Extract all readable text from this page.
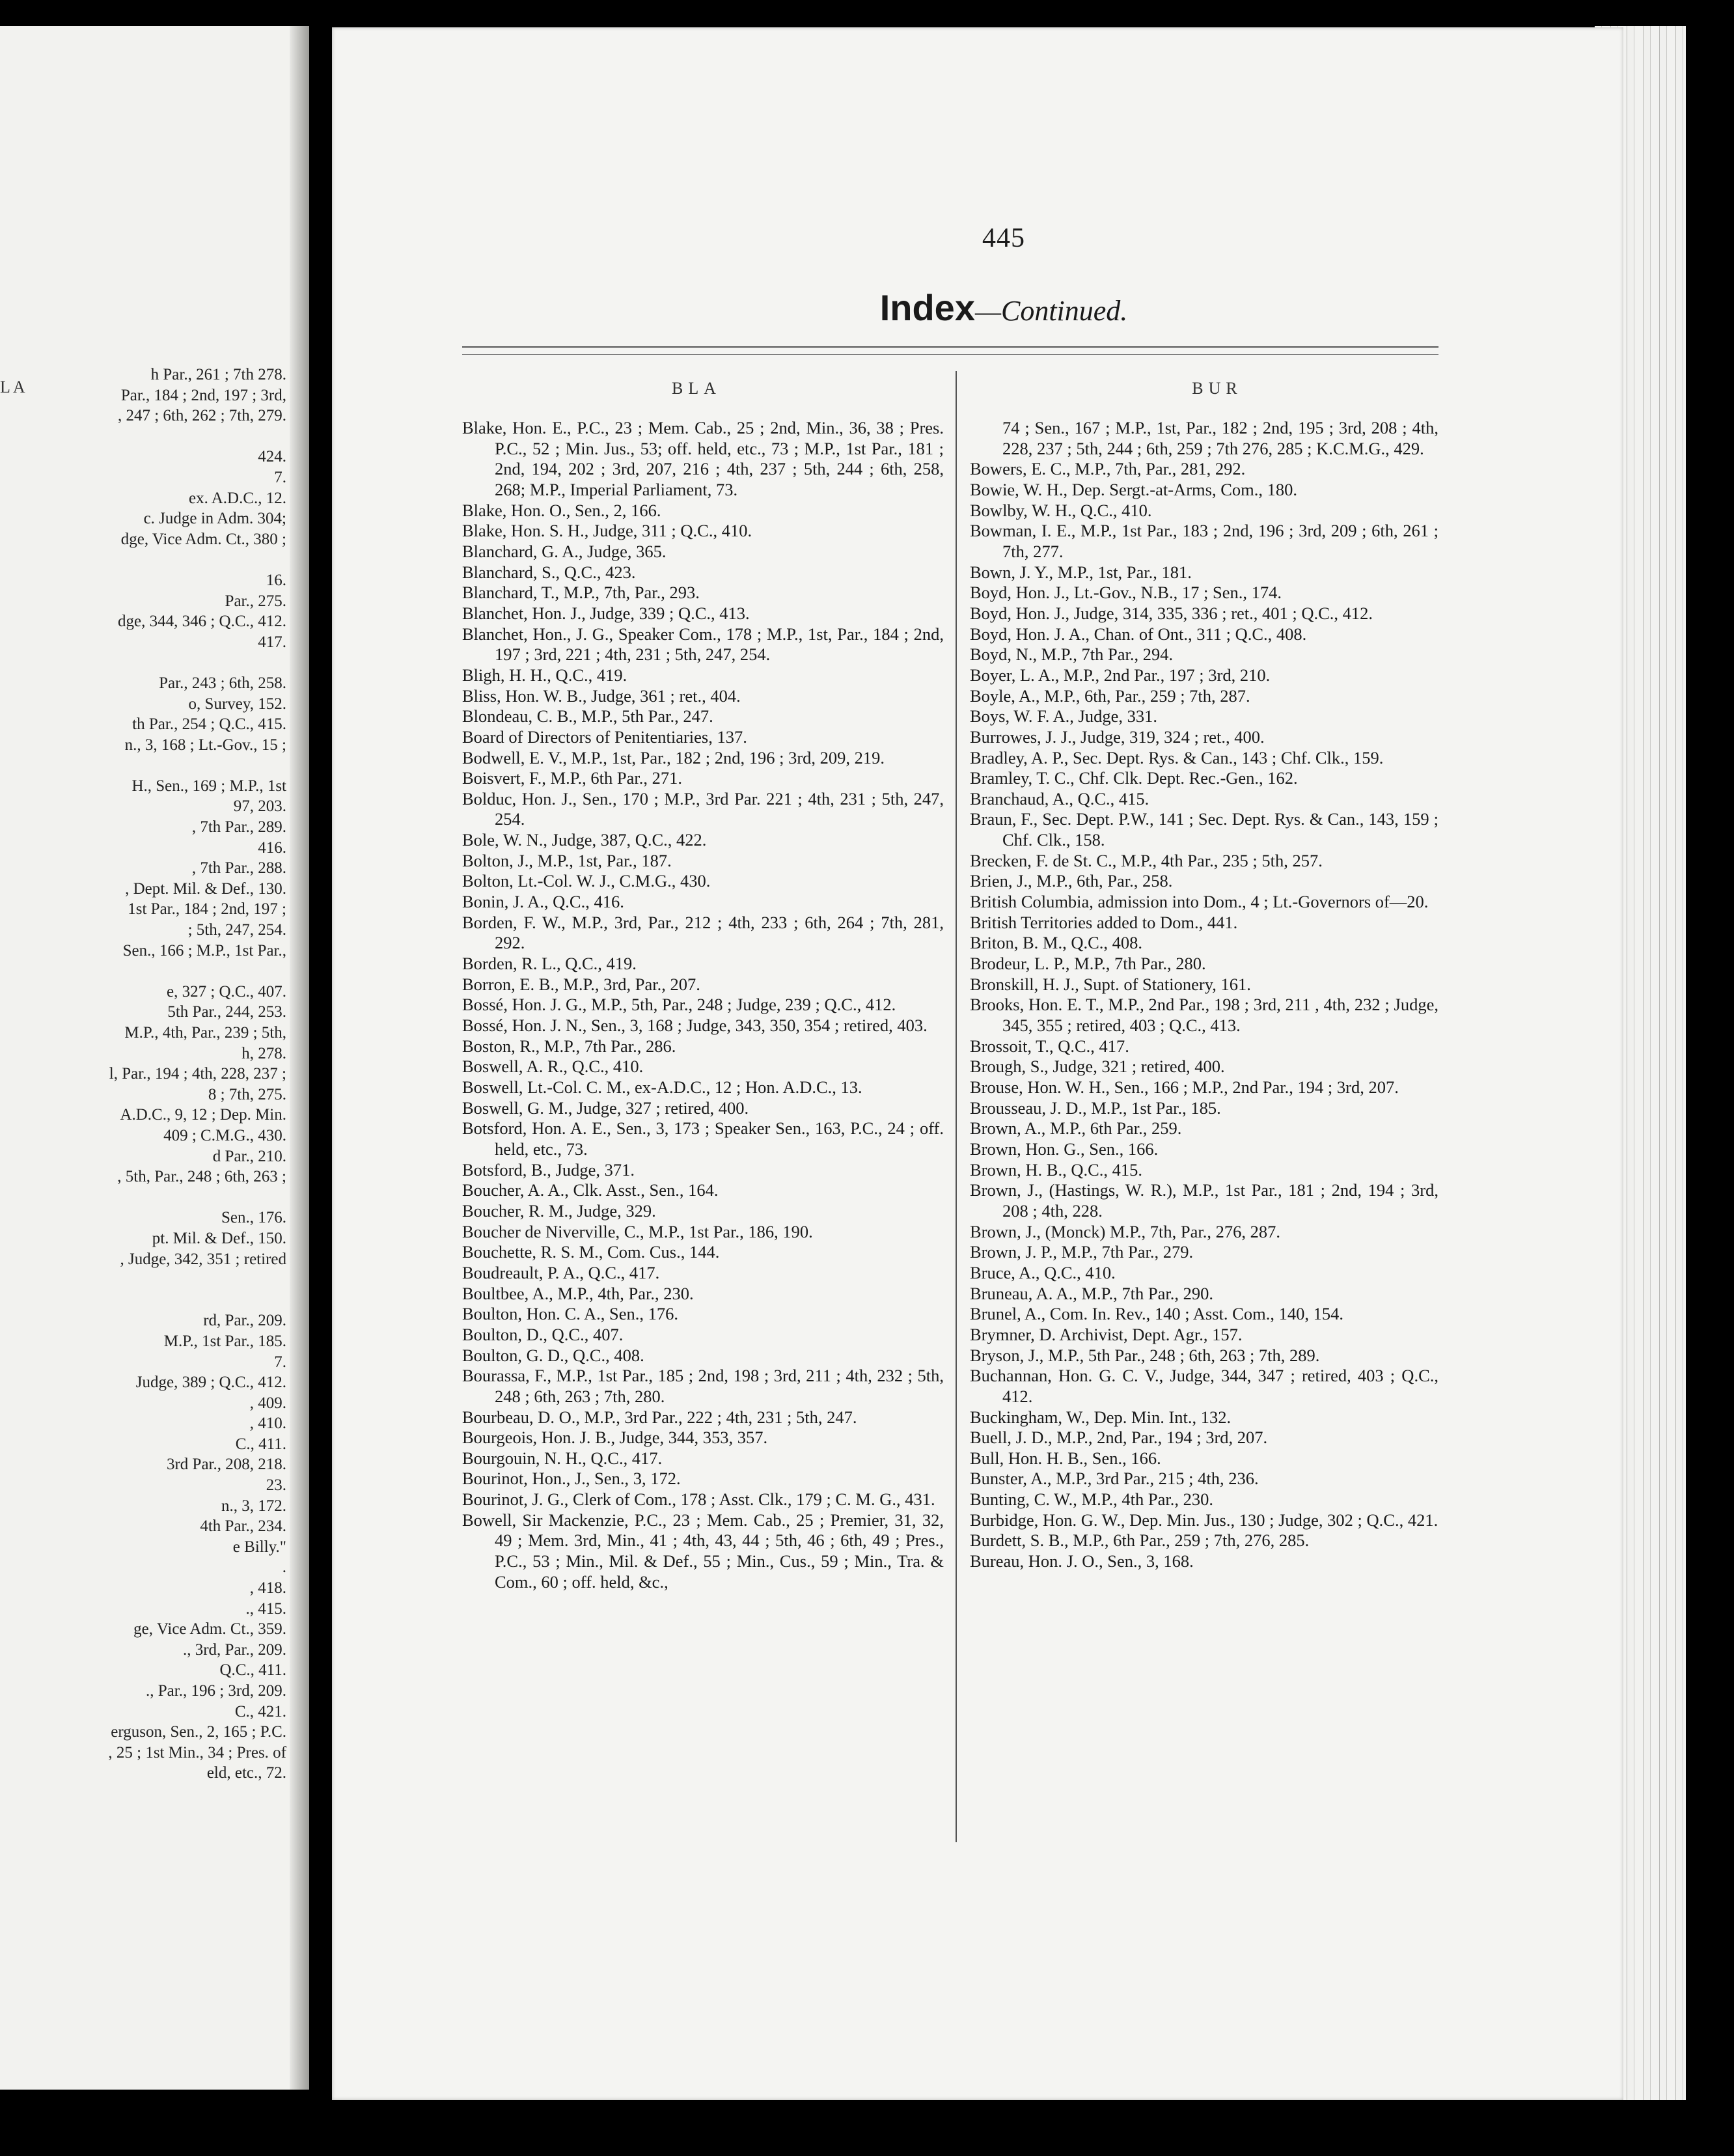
LA
h Par., 261 ; 7th 278.
Par., 184 ; 2nd, 197 ; 3rd,
, 247 ; 6th, 262 ; 7th, 279.

424.
7.
ex. A.D.C., 12.
c. Judge in Adm. 304;
dge, Vice Adm. Ct., 380 ;

16.
Par., 275.
dge, 344, 346 ; Q.C., 412.
417.

Par., 243 ; 6th, 258.
o, Survey, 152.
th Par., 254 ; Q.C., 415.
n., 3, 168 ; Lt.-Gov., 15 ;

H., Sen., 169 ; M.P., 1st
97, 203.
, 7th Par., 289.
416.
, 7th Par., 288.
, Dept. Mil. & Def., 130.
1st Par., 184 ; 2nd, 197 ;
; 5th, 247, 254.
Sen., 166 ; M.P., 1st Par.,

e, 327 ; Q.C., 407.
5th Par., 244, 253.
M.P., 4th, Par., 239 ; 5th,
h, 278.
l, Par., 194 ; 4th, 228, 237 ;
8 ; 7th, 275.
A.D.C., 9, 12 ; Dep. Min.
409 ; C.M.G., 430.
d Par., 210.
, 5th, Par., 248 ; 6th, 263 ;

Sen., 176.
pt. Mil. & Def., 150.
, Judge, 342, 351 ; retired

rd, Par., 209.
M.P., 1st Par., 185.
7.
Judge, 389 ; Q.C., 412.
, 409.
, 410.
C., 411.
3rd Par., 208, 218.
23.
n., 3, 172.
4th Par., 234.
e Billy."
.
, 418.
., 415.
ge, Vice Adm. Ct., 359.
., 3rd, Par., 209.
Q.C., 411.
., Par., 196 ; 3rd, 209.
C., 421.
erguson, Sen., 2, 165 ; P.C.
, 25 ; 1st Min., 34 ; Pres. of
eld, etc., 72.
445
Index—Continued.
BLA	BUR
Blake, Hon. E., P.C., 23 ; Mem. Cab., 25 ; 2nd, Min., 36, 38 ; Pres. P.C., 52 ; Min. Jus., 53; off. held, etc., 73 ; M.P., 1st Par., 181 ; 2nd, 194, 202 ; 3rd, 207, 216 ; 4th, 237 ; 5th, 244 ; 6th, 258, 268; M.P., Imperial Parliament, 73.
Blake, Hon. O., Sen., 2, 166.
Blake, Hon. S. H., Judge, 311 ; Q.C., 410.
Blanchard, G. A., Judge, 365.
Blanchard, S., Q.C., 423.
Blanchard, T., M.P., 7th, Par., 293.
Blanchet, Hon. J., Judge, 339 ; Q.C., 413.
Blanchet, Hon., J. G., Speaker Com., 178 ; M.P., 1st, Par., 184 ; 2nd, 197 ; 3rd, 221 ; 4th, 231 ; 5th, 247, 254.
Bligh, H. H., Q.C., 419.
Bliss, Hon. W. B., Judge, 361 ; ret., 404.
Blondeau, C. B., M.P., 5th Par., 247.
Board of Directors of Penitentiaries, 137.
Bodwell, E. V., M.P., 1st, Par., 182 ; 2nd, 196 ; 3rd, 209, 219.
Boisvert, F., M.P., 6th Par., 271.
Bolduc, Hon. J., Sen., 170 ; M.P., 3rd Par. 221 ; 4th, 231 ; 5th, 247, 254.
Bole, W. N., Judge, 387, Q.C., 422.
Bolton, J., M.P., 1st, Par., 187.
Bolton, Lt.-Col. W. J., C.M.G., 430.
Bonin, J. A., Q.C., 416.
Borden, F. W., M.P., 3rd, Par., 212 ; 4th, 233 ; 6th, 264 ; 7th, 281, 292.
Borden, R. L., Q.C., 419.
Borron, E. B., M.P., 3rd, Par., 207.
Bossé, Hon. J. G., M.P., 5th, Par., 248 ; Judge, 239 ; Q.C., 412.
Bossé, Hon. J. N., Sen., 3, 168 ; Judge, 343, 350, 354 ; retired, 403.
Boston, R., M.P., 7th Par., 286.
Boswell, A. R., Q.C., 410.
Boswell, Lt.-Col. C. M., ex-A.D.C., 12 ; Hon. A.D.C., 13.
Boswell, G. M., Judge, 327 ; retired, 400.
Botsford, Hon. A. E., Sen., 3, 173 ; Speaker Sen., 163, P.C., 24 ; off. held, etc., 73.
Botsford, B., Judge, 371.
Boucher, A. A., Clk. Asst., Sen., 164.
Boucher, R. M., Judge, 329.
Boucher de Niverville, C., M.P., 1st Par., 186, 190.
Bouchette, R. S. M., Com. Cus., 144.
Boudreault, P. A., Q.C., 417.
Boultbee, A., M.P., 4th, Par., 230.
Boulton, Hon. C. A., Sen., 176.
Boulton, D., Q.C., 407.
Boulton, G. D., Q.C., 408.
Bourassa, F., M.P., 1st Par., 185 ; 2nd, 198 ; 3rd, 211 ; 4th, 232 ; 5th, 248 ; 6th, 263 ; 7th, 280.
Bourbeau, D. O., M.P., 3rd Par., 222 ; 4th, 231 ; 5th, 247.
Bourgeois, Hon. J. B., Judge, 344, 353, 357.
Bourgouin, N. H., Q.C., 417.
Bourinot, Hon., J., Sen., 3, 172.
Bourinot, J. G., Clerk of Com., 178 ; Asst. Clk., 179 ; C. M. G., 431.
Bowell, Sir Mackenzie, P.C., 23 ; Mem. Cab., 25 ; Premier, 31, 32, 49 ; Mem. 3rd, Min., 41 ; 4th, 43, 44 ; 5th, 46 ; 6th, 49 ; Pres., P.C., 53 ; Min., Mil. & Def., 55 ; Min., Cus., 59 ; Min., Tra. & Com., 60 ; off. held, &c.,
74 ; Sen., 167 ; M.P., 1st, Par., 182 ; 2nd, 195 ; 3rd, 208 ; 4th, 228, 237 ; 5th, 244 ; 6th, 259 ; 7th 276, 285 ; K.C.M.G., 429.
Bowers, E. C., M.P., 7th, Par., 281, 292.
Bowie, W. H., Dep. Sergt.-at-Arms, Com., 180.
Bowlby, W. H., Q.C., 410.
Bowman, I. E., M.P., 1st Par., 183 ; 2nd, 196 ; 3rd, 209 ; 6th, 261 ; 7th, 277.
Bown, J. Y., M.P., 1st, Par., 181.
Boyd, Hon. J., Lt.-Gov., N.B., 17 ; Sen., 174.
Boyd, Hon. J., Judge, 314, 335, 336 ; ret., 401 ; Q.C., 412.
Boyd, Hon. J. A., Chan. of Ont., 311 ; Q.C., 408.
Boyd, N., M.P., 7th Par., 294.
Boyer, L. A., M.P., 2nd Par., 197 ; 3rd, 210.
Boyle, A., M.P., 6th, Par., 259 ; 7th, 287.
Boys, W. F. A., Judge, 331.
Burrowes, J. J., Judge, 319, 324 ; ret., 400.
Bradley, A. P., Sec. Dept. Rys. & Can., 143 ; Chf. Clk., 159.
Bramley, T. C., Chf. Clk. Dept. Rec.-Gen., 162.
Branchaud, A., Q.C., 415.
Braun, F., Sec. Dept. P.W., 141 ; Sec. Dept. Rys. & Can., 143, 159 ; Chf. Clk., 158.
Brecken, F. de St. C., M.P., 4th Par., 235 ; 5th, 257.
Brien, J., M.P., 6th, Par., 258.
British Columbia, admission into Dom., 4 ; Lt.-Governors of—20.
British Territories added to Dom., 441.
Briton, B. M., Q.C., 408.
Brodeur, L. P., M.P., 7th Par., 280.
Bronskill, H. J., Supt. of Stationery, 161.
Brooks, Hon. E. T., M.P., 2nd Par., 198 ; 3rd, 211 , 4th, 232 ; Judge, 345, 355 ; retired, 403 ; Q.C., 413.
Brossoit, T., Q.C., 417.
Brough, S., Judge, 321 ; retired, 400.
Brouse, Hon. W. H., Sen., 166 ; M.P., 2nd Par., 194 ; 3rd, 207.
Brousseau, J. D., M.P., 1st Par., 185.
Brown, A., M.P., 6th Par., 259.
Brown, Hon. G., Sen., 166.
Brown, H. B., Q.C., 415.
Brown, J., (Hastings, W. R.), M.P., 1st Par., 181 ; 2nd, 194 ; 3rd, 208 ; 4th, 228.
Brown, J., (Monck) M.P., 7th, Par., 276, 287.
Brown, J. P., M.P., 7th Par., 279.
Bruce, A., Q.C., 410.
Bruneau, A. A., M.P., 7th Par., 290.
Brunel, A., Com. In. Rev., 140 ; Asst. Com., 140, 154.
Brymner, D. Archivist, Dept. Agr., 157.
Bryson, J., M.P., 5th Par., 248 ; 6th, 263 ; 7th, 289.
Buchannan, Hon. G. C. V., Judge, 344, 347 ; retired, 403 ; Q.C., 412.
Buckingham, W., Dep. Min. Int., 132.
Buell, J. D., M.P., 2nd, Par., 194 ; 3rd, 207.
Bull, Hon. H. B., Sen., 166.
Bunster, A., M.P., 3rd Par., 215 ; 4th, 236.
Bunting, C. W., M.P., 4th Par., 230.
Burbidge, Hon. G. W., Dep. Min. Jus., 130 ; Judge, 302 ; Q.C., 421.
Burdett, S. B., M.P., 6th Par., 259 ; 7th, 276, 285.
Bureau, Hon. J. O., Sen., 3, 168.
